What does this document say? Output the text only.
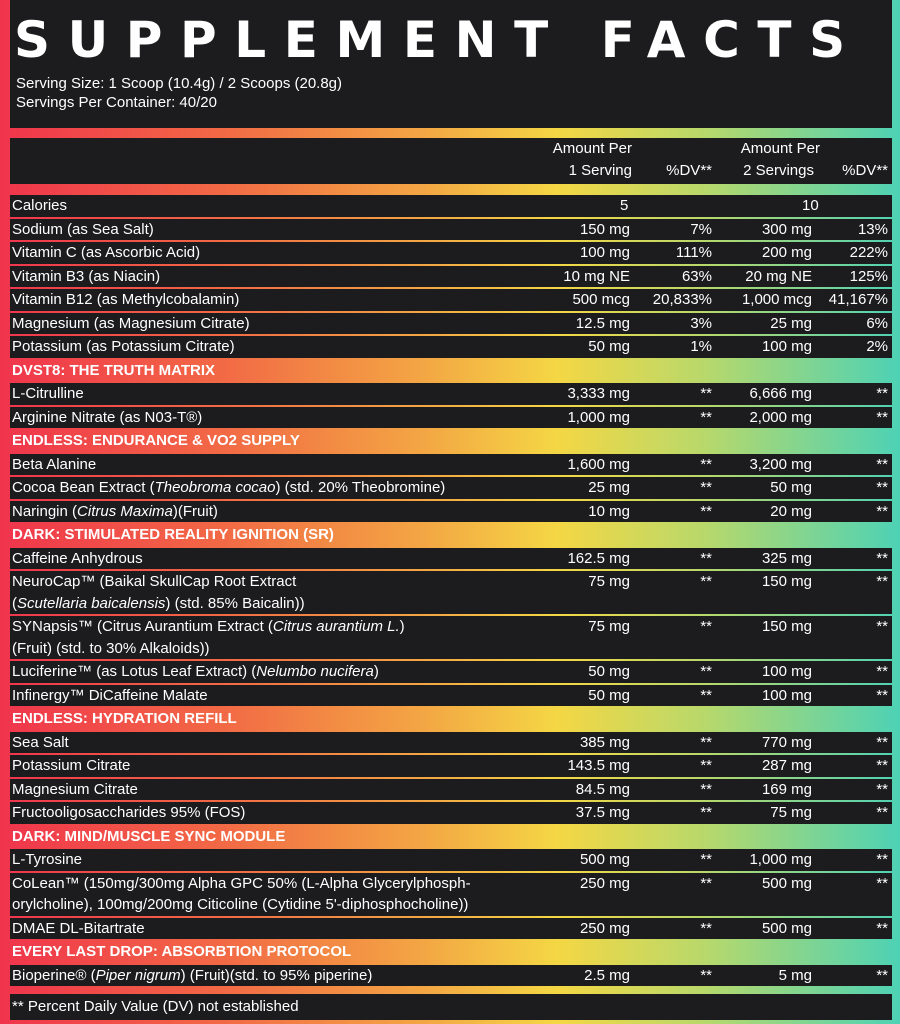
SUPPLEMENT FACTS
Serving Size: 1 Scoop (10.4g) / 2 Scoops (20.8g)
Servings Per Container: 40/20
Amount Per
1 Serving %DV**
Amount Per
2 Servings %DV**
Calories	5	10
Sodium (as Sea Salt)	150 mg	7%	300 mg	13%
Vitamin C (as Ascorbic Acid)	100 mg	111%	200 mg	222%
Vitamin B3 (as Niacin)	10 mg NE	63% 20 mg NE	125%
Vitamin B12 (as Methylcobalamin)	500 mcg 20,833% 1,000 mcg 41,167%
Magnesium (as Magnesium Citrate)	12.5 mg	3%	25 mg	6%
Potassium (as Potassium Citrate)	50 mg	1%	100 mg	2%
DVST8: THE TRUTH MATRIX
L-Citrulline	3,333 mg	** 6,666 mg	**
Arginine Nitrate (as N03-T®)	1,000 mg	** 2,000 mg	**
ENDLESS: ENDURANCE & VO2 SUPPLY
Beta Alanine	1,600 mg	** 3,200 mg	**
Cocoa Bean Extract (Theobroma cocao) (std. 20% Theobromine)	25 mg	**	50 mg	**
Naringin (Citrus Maxima)(Fruit)	10 mg	**	20 mg	**
DARK: STIMULATED REALITY IGNITION (SR)
Caffeine Anhydrous	162.5 mg	**	325 mg	**
NeuroCap™ (Baikal SkullCap Root Extract
(Scutellaria baicalensis) (std. 85% Baicalin))
75 mg	**	150 mg	**
SYNapsis™ (Citrus Aurantium Extract (Citrus aurantium L.)
(Fruit) (std. to 30% Alkaloids))
75 mg	**	150 mg	**
Luciferine™ (as Lotus Leaf Extract) (Nelumbo nucifera)	50 mg	**	100 mg	**
Infinergy™ DiCaffeine Malate	50 mg	**	100 mg	**
ENDLESS: HYDRATION REFILL
Sea Salt	385 mg	**	770 mg	**
Potassium Citrate	143.5 mg	**	287 mg	**
Magnesium Citrate	84.5 mg	**	169 mg	**
Fructooligosaccharides 95% (FOS)	37.5 mg	**	75 mg	**
DARK: MIND/MUSCLE SYNC MODULE
L-Tyrosine	500 mg	** 1,000 mg	**
CoLean™ (150mg/300mg Alpha GPC 50% (L-Alpha Glycerylphosph-
orylcholine), 100mg/200mg Citicoline (Cytidine 5'-diphosphocholine))
250 mg	**	500 mg	**
DMAE DL-Bitartrate	250 mg	**	500 mg	**
EVERY LAST DROP: ABSORBTION PROTOCOL
Bioperine® (Piper nigrum) (Fruit)(std. to 95% piperine)	2.5 mg	**	5 mg	**
** Percent Daily Value (DV) not established
